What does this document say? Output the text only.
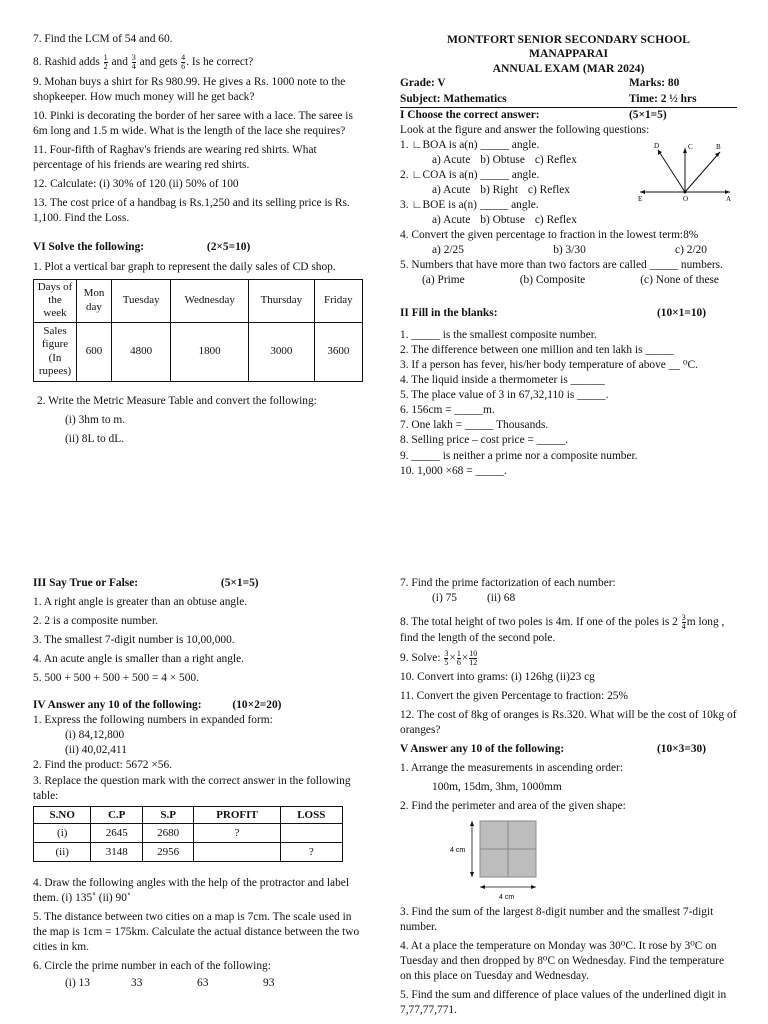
7. Find the LCM of 54 and 60.

8. Rashid adds $\frac{1}{2}$ and $\frac{3}{4}$ and gets $\frac{4}{6}$ . Is he correct?

9. Mohan buys a shirt for Rs 980.99. He gives a Rs. 1000 note to the shopkeeper. How much money will he get back?

10. Pinki is decorating the border of her saree with a lace. The saree is 6m long and 1.5 m wide. What is the length of the lace she requires?

11. Four-fifth of Raghav's friends are wearing red shirts. What percentage of his friends are wearing red shirts.

12. Calculate: (i) 30% of 120 (ii) 50% of 100

13. The cost price of a handbag is Rs.1,250 and its selling price is Rs. 1,100. Find the Loss.

VI Solve the following:	(2×5=10)

1. Plot a vertical bar graph to represent the daily sales of CD shop.

Days of the week	Mon day	Tuesday	Wednesday	Thursday	Friday
Sales figure (In rupees)	600	4800	1800	3000	3600

2. Write the Metric Measure Table and convert the following:

(i) 3hm to m.

(ii) 8L to dL.

MONTFORT SENIOR SECONDARY SCHOOL

MANAPPARAI

ANNUAL EXAM (MAR 2024)

Grade: V	Marks: 80
Subject: Mathematics	Time: 2 ½ hrs
I Choose the correct answer:	(5×1=5)

Look at the figure and answer the following questions:

1. ∟BOA is a(n) _____ angle.

a) Acute b) Obtuse c) Reflex

2. ∟COA is a(n) _____ angle.

a) Acute b) Right c) Reflex

3. ∟BOE is a(n) _____ angle.

a) Acute b) Obtuse c) Reflex
D	C	B
E	O	A

4. Convert the given percentage to fraction in the lowest term:8%

a) 2/25	b) 3/30	c) 2/20

5. Numbers that have more than two factors are called _____ numbers.

(a) Prime	(b) Composite	(c) None of these
II Fill in the blanks:	(10×1=10)

1. _____ is the smallest composite number.

2. The difference between one million and ten lakh is _____

3. If a person has fever, his/her body temperature of above __ ⁰C.

4. The liquid inside a thermometer is ______

5. The place value of 3 in 67,32,110 is _____.

6. 156cm = _____m.

7. One lakh = _____ Thousands.

8. Selling price – cost price = _____.

9. _____ is neither a prime nor a composite number.

10. 1,000 ×68 = _____.

III Say True or False:	(5×1=5)

1. A right angle is greater than an obtuse angle.

2. 2 is a composite number.

3. The smallest 7-digit number is 10,00,000.

4. An acute angle is smaller than a right angle.

5. 500 + 500 + 500 + 500 = 4 × 500.

IV Answer any 10 of the following:	(10×2=20)

1. Express the following numbers in expanded form:

(i) 84,12,800

(ii) 40,02,411

2. Find the product: 5672 ×56.

3. Replace the question mark with the correct answer in the following table:

S.NO	C.P	S.P	PROFIT	LOSS
(i)	2645	2680	?	
(ii)	3148	2956		?

4. Draw the following angles with the help of the protractor and label them. (i) 135˚ (ii) 90˚

5. The distance between two cities on a map is 7cm. The scale used in the map is 1cm = 175km. Calculate the actual distance between the two cities in km.

6. Circle the prime number in each of the following:

(i) 13	33	63	93

7. Find the prime factorization of each number:

(i) 75	(ii) 68

8. The total height of two poles is 4m. If one of the poles is $2 \frac{3}{4}$ m long , find the length of the second pole.

9. Solve: $\frac{3}{5} \times \frac{1}{6} \times \frac{10}{12}$

10. Convert into grams: (i) 126hg (ii)23 cg

11. Convert the given Percentage to fraction: 25%

12. The cost of 8kg of oranges is Rs.320. What will be the cost of 10kg of oranges?

V Answer any 10 of the following:	(10×3=30)

1. Arrange the measurements in ascending order:

100m, 15dm, 3hm, 1000mm

2. Find the perimeter and area of the given shape:

4 cm
4 cm

3. Find the sum of the largest 8-digit number and the smallest 7-digit number.

4. At a place the temperature on Monday was 30⁰C. It rose by 3⁰C on Tuesday and then dropped by 8⁰C on Wednesday. Find the temperature on this place on Tuesday and Wednesday.

5. Find the sum and difference of place values of the underlined digit in 7,77,77,771.
